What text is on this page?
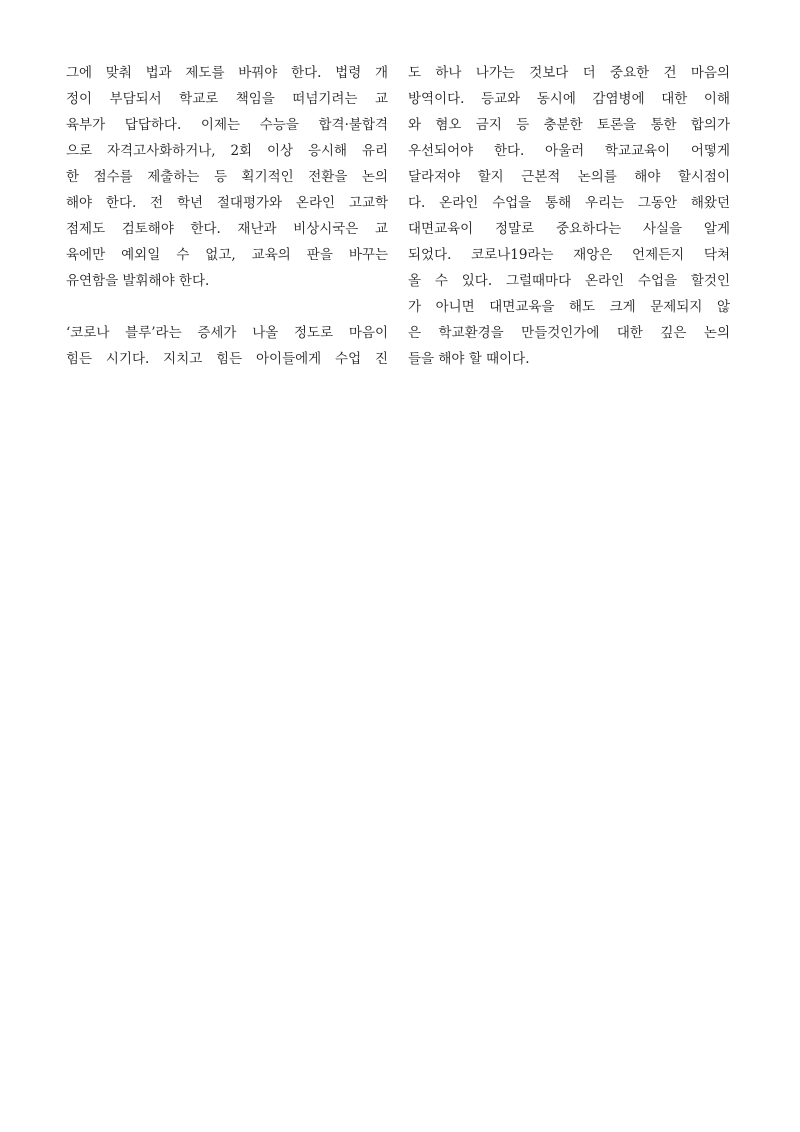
그에 맞춰 법과 제도를 바꿔야 한다. 법령 개
정이 부담되서 학교로 책임을 떠넘기려는 교
육부가 답답하다. 이제는 수능을 합격·불합격
으로 자격고사화하거나, 2회 이상 응시해 유리
한 점수를 제출하는 등 획기적인 전환을 논의
해야 한다. 전 학년 절대평가와 온라인 고교학
점제도 검토해야 한다. 재난과 비상시국은 교
육에만 예외일 수 없고, 교육의 판을 바꾸는
유연함을 발휘해야 한다.
‘코로나 블루’라는 증세가 나올 정도로 마음이
힘든 시기다. 지치고 힘든 아이들에게 수업 진
도 하나 나가는 것보다 더 중요한 건 마음의
방역이다. 등교와 동시에 감염병에 대한 이해
와 혐오 금지 등 충분한 토론을 통한 합의가
우선되어야 한다. 아울러 학교교육이 어떻게
달라져야 할지 근본적 논의를 해야 할시점이
다. 온라인 수업을 통해 우리는 그동안 해왔던
대면교육이 정말로 중요하다는 사실을 알게
되었다. 코로나19라는 재앙은 언제든지 닥쳐
올 수 있다. 그럴때마다 온라인 수업을 할것인
가 아니면 대면교육을 해도 크게 문제되지 않
은 학교환경을 만들것인가에 대한 깊은 논의
들을 해야 할 때이다.
